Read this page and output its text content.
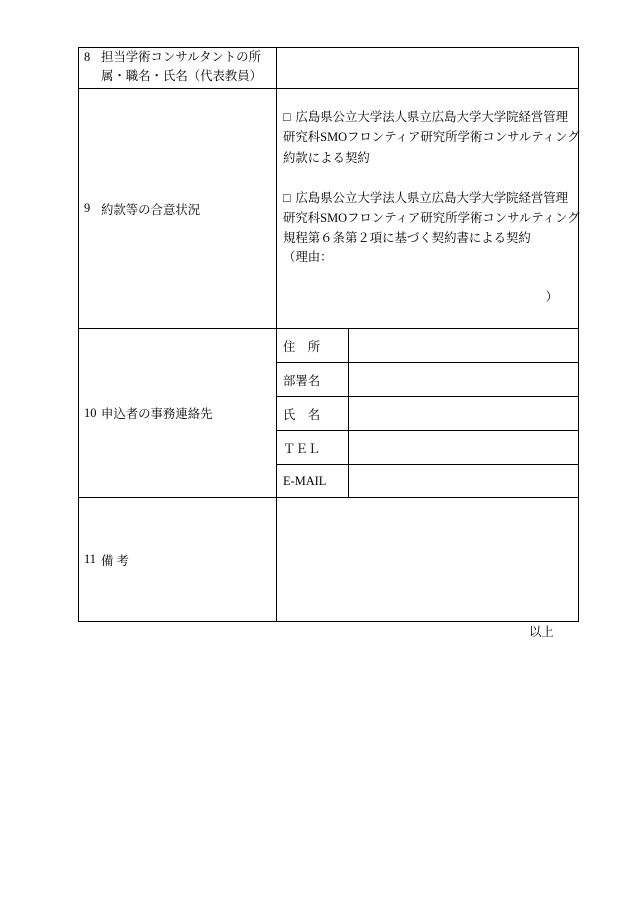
8 担当学術コンサルタントの所
属・職名・氏名（代表教員）
9 約款等の合意状況
□ 広島県公立大学法人県立広島大学大学院経営管理
研究科SMOフロンティア研究所学術コンサルティング
約款による契約
□ 広島県公立大学法人県立広島大学大学院経営管理
研究科SMOフロンティア研究所学術コンサルティング
規程第６条第２項に基づく契約書による契約
（理由：
）
10 申込者の事務連絡先
住　所
部署名
氏　名
ＴＥＬ
E-MAIL
11 備 考
以上
